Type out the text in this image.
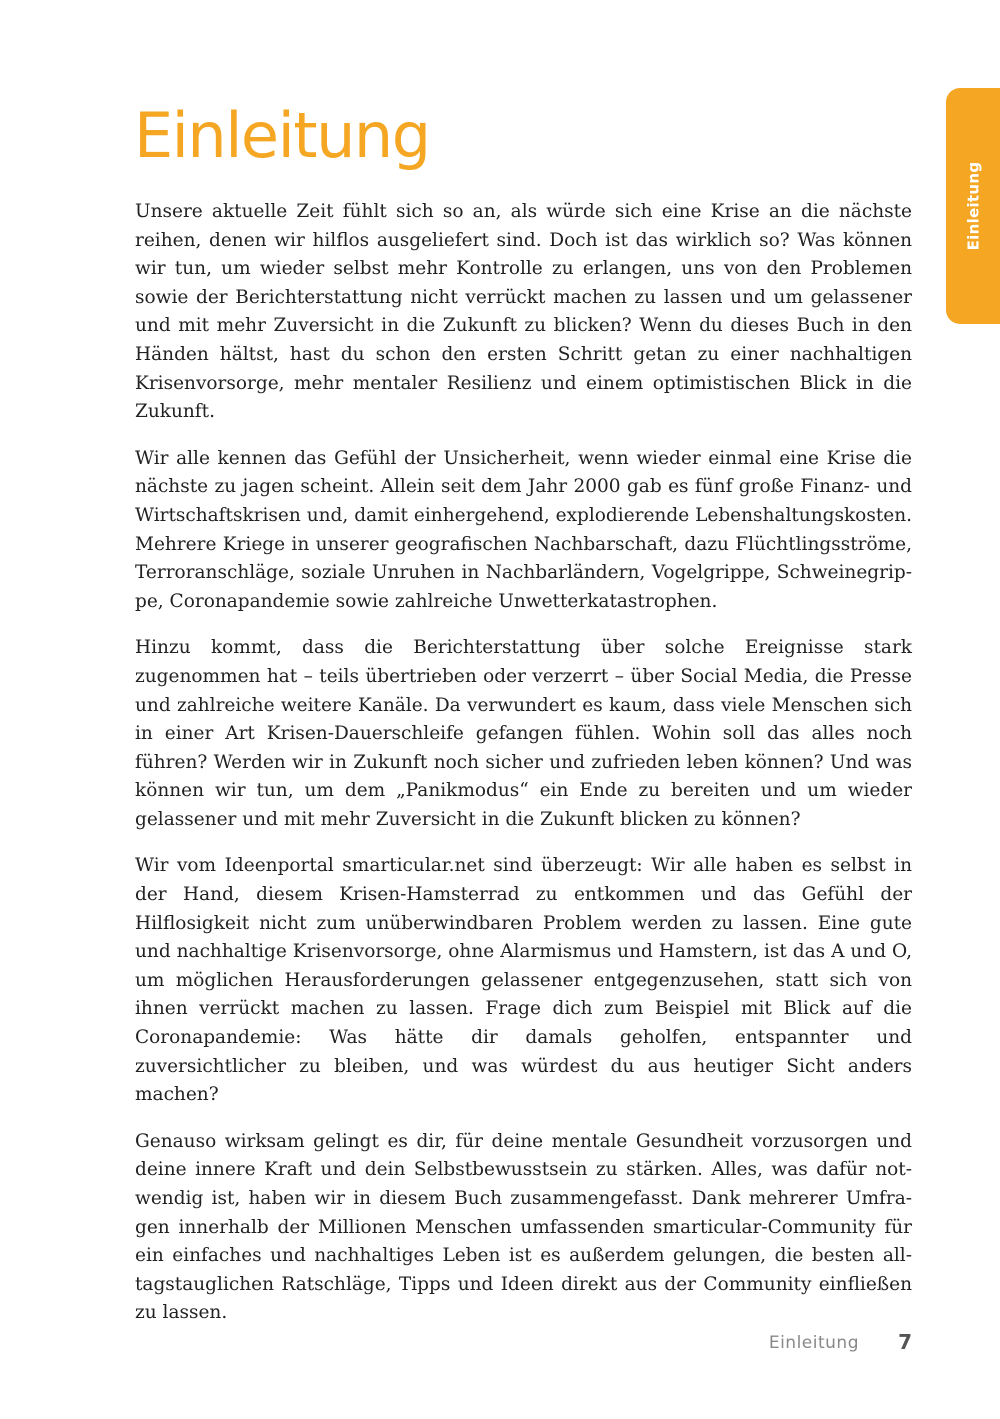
Einleitung
Einleitung

Unsere aktuelle Zeit fühlt sich so an, als würde sich eine Krise an die nächste reihen, denen wir hilflos ausgeliefert sind. Doch ist das wirklich so? Was können wir tun, um wieder selbst mehr Kontrolle zu erlangen, uns von den Problemen sowie der Berichterstattung nicht verrückt machen zu lassen und um gelassener und mit mehr Zuversicht in die Zukunft zu blicken? Wenn du dieses Buch in den Händen hältst, hast du schon den ersten Schritt getan zu einer nachhaltigen Krisenvorsorge, mehr mentaler Resilienz und einem optimistischen Blick in die Zukunft.

Wir alle kennen das Gefühl der Unsicherheit, wenn wieder einmal eine Krise die nächste zu jagen scheint. Allein seit dem Jahr 2000 gab es fünf große Finanz- und Wirtschaftskrisen und, damit einhergehend, explodierende Lebenshaltungskosten. Mehrere Kriege in unserer geografischen Nachbarschaft, dazu Flüchtlingsströme, Terroranschläge, soziale Unruhen in Nachbarländern, Vogelgrippe, Schweinegrippe, Coronapandemie sowie zahlreiche Unwetterkatastrophen.

Hinzu kommt, dass die Berichterstattung über solche Ereignisse stark zugenommen hat – teils übertrieben oder verzerrt – über Social Media, die Presse und zahlreiche weitere Kanäle. Da verwundert es kaum, dass viele Menschen sich in einer Art Krisen-Dauerschleife gefangen fühlen. Wohin soll das alles noch führen? Werden wir in Zukunft noch sicher und zufrieden leben können? Und was können wir tun, um dem „Panikmodus“ ein Ende zu bereiten und um wieder gelassener und mit mehr Zuversicht in die Zukunft blicken zu können?

Wir vom Ideenportal smarticular.net sind überzeugt: Wir alle haben es selbst in der Hand, diesem Krisen-Hamsterrad zu entkommen und das Gefühl der Hilflosigkeit nicht zum unüberwindbaren Problem werden zu lassen. Eine gute und nachhaltige Krisenvorsorge, ohne Alarmismus und Hamstern, ist das A und O, um möglichen Herausforderungen gelassener entgegenzusehen, statt sich von ihnen verrückt machen zu lassen. Frage dich zum Beispiel mit Blick auf die Coronapandemie: Was hätte dir damals geholfen, entspannter und zuversichtlicher zu bleiben, und was würdest du aus heutiger Sicht anders machen?

Genauso wirksam gelingt es dir, für deine mentale Gesundheit vorzusorgen und deine innere Kraft und dein Selbstbewusstsein zu stärken. Alles, was dafür notwendig ist, haben wir in diesem Buch zusammengefasst. Dank mehrerer Umfragen innerhalb der Millionen Menschen umfassenden smarticular-Community für ein einfaches und nachhaltiges Leben ist es außerdem gelungen, die besten alltagstauglichen Ratschläge, Tipps und Ideen direkt aus der Community einfließen zu lassen.

Einleitung 7
